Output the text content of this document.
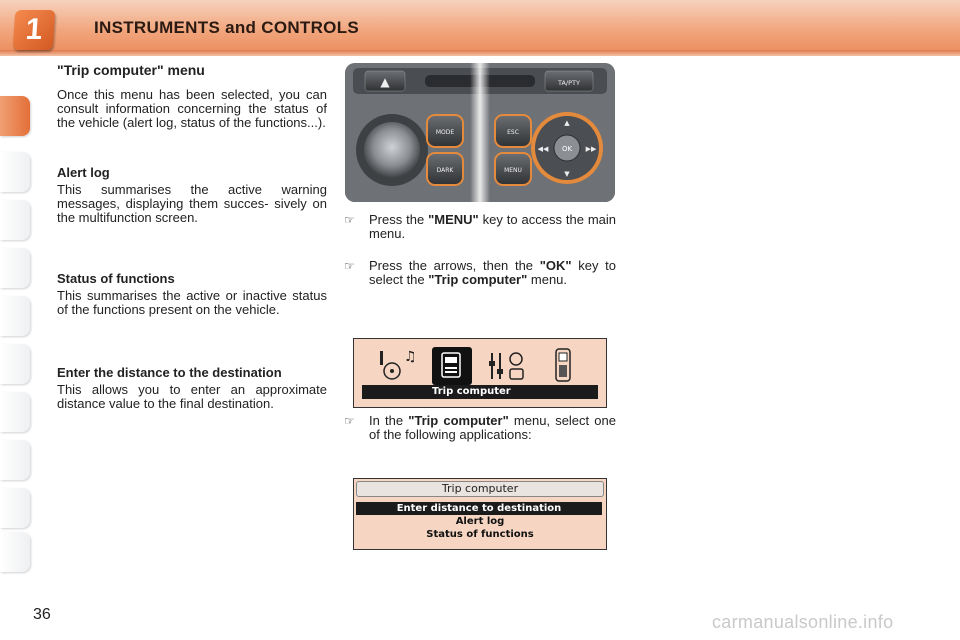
1	INSTRUMENTS and CONTROLS
"Trip computer" menu
Once this menu has been selected, you can consult information concerning the status of the vehicle (alert log, status of the functions...).
Alert log
This summarises the active warning messages, displaying them succes- sively on the multifunction screen.
Status of functions
This summarises the active or inactive status of the functions present on the vehicle.
Enter the distance to the destination
This allows you to enter an approximate distance value to the final destination.
▲	TA/PTY
MODE
DARK
ESC
MENU
OK
▲
▼
◀◀	▶▶
☞ Press the "MENU" key to access the main menu.
☞ Press the arrows, then the "OK" key to select the "Trip computer" menu.
☞ In the "Trip computer" menu, select one of the following applications:
♫
Trip computer
Trip computer
Enter distance to destination
Alert log
Status of functions
36	carmanualsonline.info
